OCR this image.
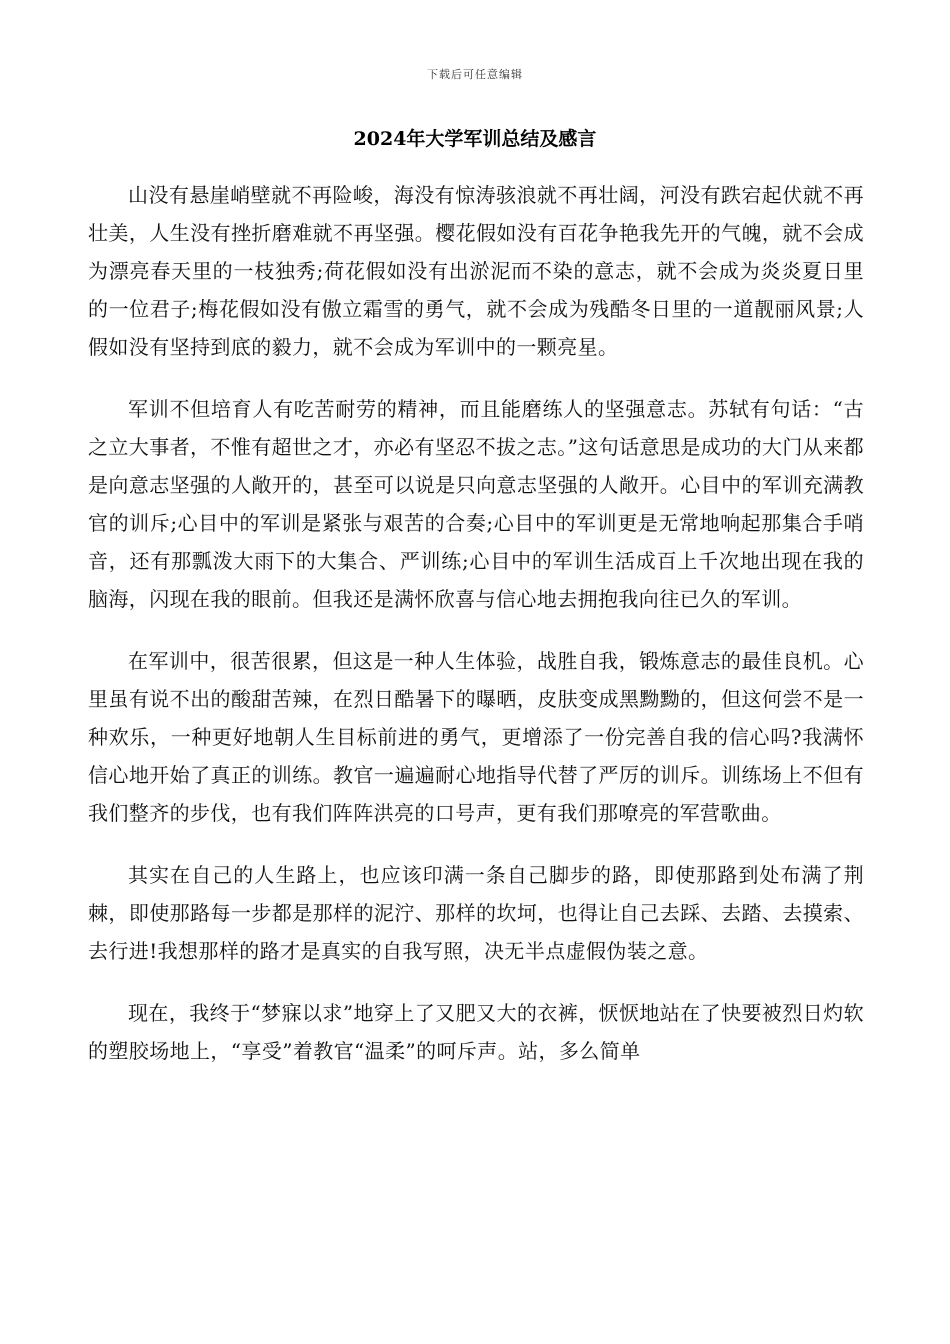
下载后可任意编辑
2024年大学军训总结及感言

山没有悬崖峭壁就不再险峻，海没有惊涛骇浪就不再壮阔，河没有跌宕起伏就不再壮美，人生没有挫折磨难就不再坚强。樱花假如没有百花争艳我先开的气魄，就不会成为漂亮春天里的一枝独秀;荷花假如没有出淤泥而不染的意志，就不会成为炎炎夏日里的一位君子;梅花假如没有傲立霜雪的勇气，就不会成为残酷冬日里的一道靓丽风景;人假如没有坚持到底的毅力，就不会成为军训中的一颗亮星。

军训不但培育人有吃苦耐劳的精神，而且能磨练人的坚强意志。苏轼有句话：“古之立大事者，不惟有超世之才，亦必有坚忍不拔之志。”这句话意思是成功的大门从来都是向意志坚强的人敞开的，甚至可以说是只向意志坚强的人敞开。心目中的军训充满教官的训斥;心目中的军训是紧张与艰苦的合奏;心目中的军训更是无常地响起那集合手哨音，还有那瓢泼大雨下的大集合、严训练;心目中的军训生活成百上千次地出现在我的脑海，闪现在我的眼前。但我还是满怀欣喜与信心地去拥抱我向往已久的军训。

在军训中，很苦很累，但这是一种人生体验，战胜自我，锻炼意志的最佳良机。心里虽有说不出的酸甜苦辣，在烈日酷暑下的曝晒，皮肤变成黑黝黝的，但这何尝不是一种欢乐，一种更好地朝人生目标前进的勇气，更增添了一份完善自我的信心吗?我满怀信心地开始了真正的训练。教官一遍遍耐心地指导代替了严厉的训斥。训练场上不但有我们整齐的步伐，也有我们阵阵洪亮的口号声，更有我们那嘹亮的军营歌曲。

其实在自己的人生路上，也应该印满一条自己脚步的路，即使那路到处布满了荆棘，即使那路每一步都是那样的泥泞、那样的坎坷，也得让自己去踩、去踏、去摸索、去行进!我想那样的路才是真实的自我写照，决无半点虚假伪装之意。

现在，我终于“梦寐以求”地穿上了又肥又大的衣裤，恹恹地站在了快要被烈日灼软的塑胶场地上，“享受”着教官“温柔”的呵斥声。站，多么简单
